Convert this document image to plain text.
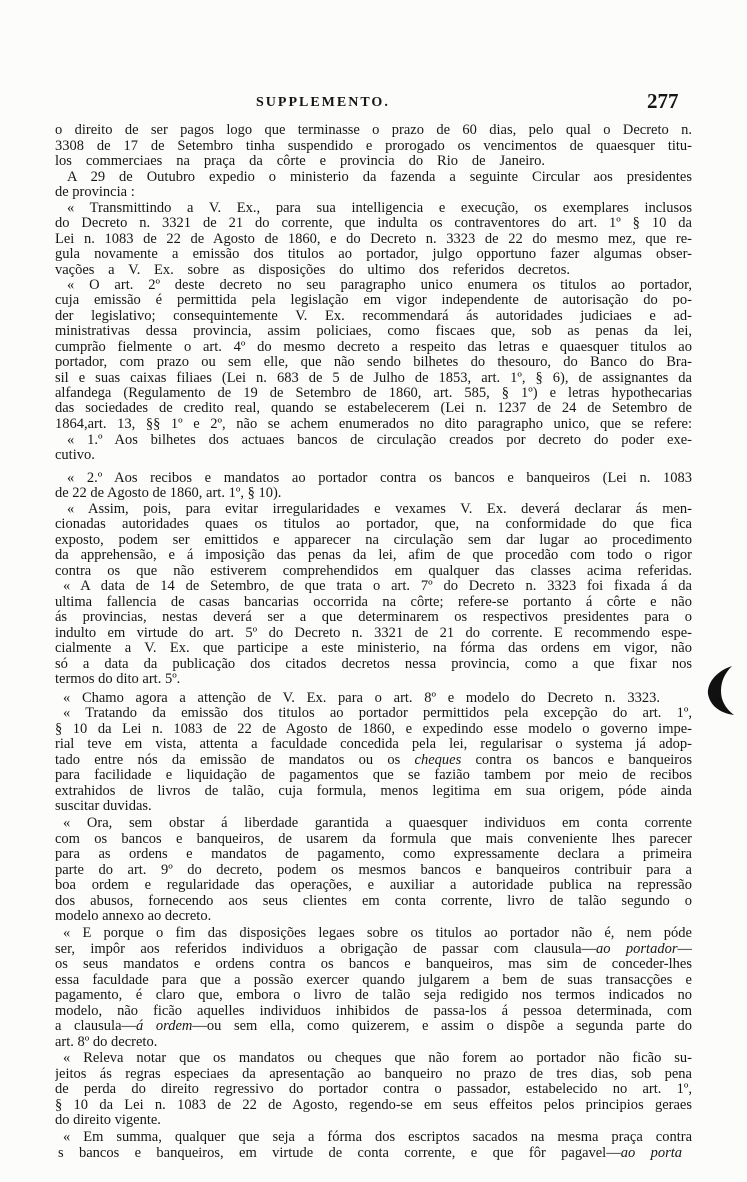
SUPPLEMENTO.	277
o direito de ser pagos logo que terminasse o prazo de 60 dias, pelo qual o Decreto n.
3308 de 17 de Setembro tinha suspendido e prorogado os vencimentos de quaesquer titu-
los commerciaes na praça da côrte e provincia do Rio de Janeiro.
A 29 de Outubro expedio o ministerio da fazenda a seguinte Circular aos presidentes
de provincia :
« Transmittindo a V. Ex., para sua intelligencia e execução, os exemplares inclusos
do Decreto n. 3321 de 21 do corrente, que indulta os contraventores do art. 1º § 10 da
Lei n. 1083 de 22 de Agosto de 1860, e do Decreto n. 3323 de 22 do mesmo mez, que re-
gula novamente a emissão dos titulos ao portador, julgo opportuno fazer algumas obser-
vações a V. Ex. sobre as disposições do ultimo dos referidos decretos.
« O art. 2º deste decreto no seu paragrapho unico enumera os titulos ao portador,
cuja emissão é permittida pela legislação em vigor independente de autorisação do po-
der legislativo; consequintemente V. Ex. recommendará ás autoridades judiciaes e ad-
ministrativas dessa provincia, assim policiaes, como fiscaes que, sob as penas da lei,
cumprão fielmente o art. 4º do mesmo decreto a respeito das letras e quaesquer titulos ao
portador, com prazo ou sem elle, que não sendo bilhetes do thesouro, do Banco do Bra-
sil e suas caixas filiaes (Lei n. 683 de 5 de Julho de 1853, art. 1º, § 6), de assignantes da
alfandega (Regulamento de 19 de Setembro de 1860, art. 585, § 1º) e letras hypothecarias
das sociedades de credito real, quando se estabelecerem (Lei n. 1237 de 24 de Setembro de
1864,art. 13, §§ 1º e 2º, não se achem enumerados no dito paragrapho unico, que se refere:
« 1.º Aos bilhetes dos actuaes bancos de circulação creados por decreto do poder exe-
cutivo.
« 2.º Aos recibos e mandatos ao portador contra os bancos e banqueiros (Lei n. 1083
de 22 de Agosto de 1860, art. 1º, § 10).
« Assim, pois, para evitar irregularidades e vexames V. Ex. deverá declarar ás men-
cionadas autoridades quaes os titulos ao portador, que, na conformidade do que fica
exposto, podem ser emittidos e apparecer na circulação sem dar lugar ao procedimento
da apprehensão, e á imposição das penas da lei, afim de que procedão com todo o rigor
contra os que não estiverem comprehendidos em qualquer das classes acima referidas.
« A data de 14 de Setembro, de que trata o art. 7º do Decreto n. 3323 foi fixada á da
ultima fallencia de casas bancarias occorrida na côrte; refere-se portanto á côrte e não
ás provincias, nestas deverá ser a que determinarem os respectivos presidentes para o
indulto em virtude do art. 5º do Decreto n. 3321 de 21 do corrente. E recommendo espe-
cialmente a V. Ex. que participe a este ministerio, na fórma das ordens em vigor, não
só a data da publicação dos citados decretos nessa provincia, como a que fixar nos
termos do dito art. 5º.
« Chamo agora a attenção de V. Ex. para o art. 8º e modelo do Decreto n. 3323.
« Tratando da emissão dos titulos ao portador permittidos pela excepção do art. 1º,
§ 10 da Lei n. 1083 de 22 de Agosto de 1860, e expedindo esse modelo o governo impe-
rial teve em vista, attenta a faculdade concedida pela lei, regularisar o systema já adop-
tado entre nós da emissão de mandatos ou os cheques contra os bancos e banqueiros
para facilidade e liquidação de pagamentos que se fazião tambem por meio de recibos
extrahidos de livros de talão, cuja formula, menos legitima em sua origem, póde ainda
suscitar duvidas.
« Ora, sem obstar á liberdade garantida a quaesquer individuos em conta corrente
com os bancos e banqueiros, de usarem da formula que mais conveniente lhes parecer
para as ordens e mandatos de pagamento, como expressamente declara a primeira
parte do art. 9º do decreto, podem os mesmos bancos e banqueiros contribuir para a
boa ordem e regularidade das operações, e auxiliar a autoridade publica na repressão
dos abusos, fornecendo aos seus clientes em conta corrente, livro de talão segundo o
modelo annexo ao decreto.
« E porque o fim das disposições legaes sobre os titulos ao portador não é, nem póde
ser, impôr aos referidos individuos a obrigação de passar com clausula—ao portador—
os seus mandatos e ordens contra os bancos e banqueiros, mas sim de conceder-lhes
essa faculdade para que a possão exercer quando julgarem a bem de suas transacções e
pagamento, é claro que, embora o livro de talão seja redigido nos termos indicados no
modelo, não ficão aquelles individuos inhibidos de passa-los á pessoa determinada, com
a clausula—á ordem—ou sem ella, como quizerem, e assim o dispõe a segunda parte do
art. 8º do decreto.
« Releva notar que os mandatos ou cheques que não forem ao portador não ficão su-
jeitos ás regras especiaes da apresentação ao banqueiro no prazo de tres dias, sob pena
de perda do direito regressivo do portador contra o passador, estabelecido no art. 1º,
§ 10 da Lei n. 1083 de 22 de Agosto, regendo-se em seus effeitos pelos principios geraes
do direito vigente.
« Em summa, qualquer que seja a fórma dos escriptos sacados na mesma praça contra
s bancos e banqueiros, em virtude de conta corrente, e que fôr pagavel—ao porta
